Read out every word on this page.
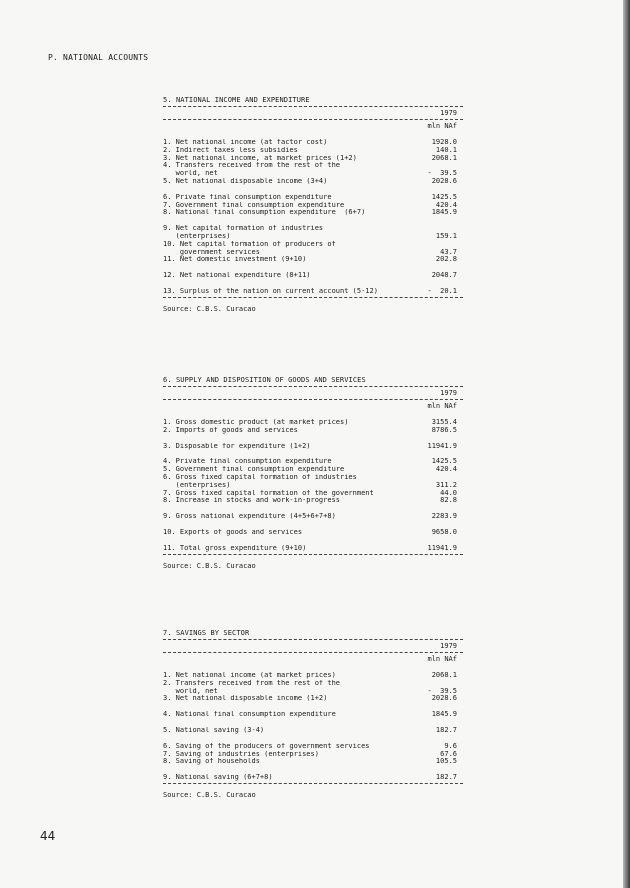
P. NATIONAL ACCOUNTS
5. NATIONAL INCOME AND EXPENDITURE
1979
mln NAf
1. Net national income (at factor cost)	1928.0
2. Indirect taxes less subsidies	140.1
3. Net national income, at market prices (1+2)	2068.1
4. Transfers received from the rest of the
world, net	-  39.5
5. Net national disposable income (3+4)	2028.6
6. Private final consumption expenditure	1425.5
7. Government final consumption expenditure	420.4
8. National final consumption expenditure  (6+7)	1845.9
9. Net capital formation of industries
(enterprises)	159.1
10. Net capital formation of producers of
government services	43.7
11. Net domestic investment (9+10)	202.8
12. Net national expenditure (8+11)	2048.7
13. Surplus of the nation on current account (5-12)	-  20.1
Source: C.B.S. Curacao
6. SUPPLY AND DISPOSITION OF GOODS AND SERVICES
1979
mln NAf
1. Gross domestic product (at market prices)	3155.4
2. Imports of goods and services	8786.5
3. Disposable for expenditure (1+2)	11941.9
4. Private final consumption expenditure	1425.5
5. Government final consumption expenditure	420.4
6. Gross fixed capital formation of industries
(enterprises)	311.2
7. Gross fixed capital formation of the government	44.0
8. Increase in stocks and work-in-progress	82.8
9. Gross national expenditure (4+5+6+7+8)	2283.9
10. Exports of goods and services	9658.0
11. Total gross expenditure (9+10)	11941.9
Source: C.B.S. Curacao
7. SAVINGS BY SECTOR
1979
mln NAf
1. Net national income (at market prices)	2068.1
2. Transfers received from the rest of the
world, net	-  39.5
3. Net national disposable income (1+2)	2028.6
4. National final consumption expenditure	1845.9
5. National saving (3-4)	182.7
6. Saving of the producers of government services	9.6
7. Saving of industries (enterprises)	67.6
8. Saving of households	105.5
9. National saving (6+7+8)	182.7
Source: C.B.S. Curacao
44
